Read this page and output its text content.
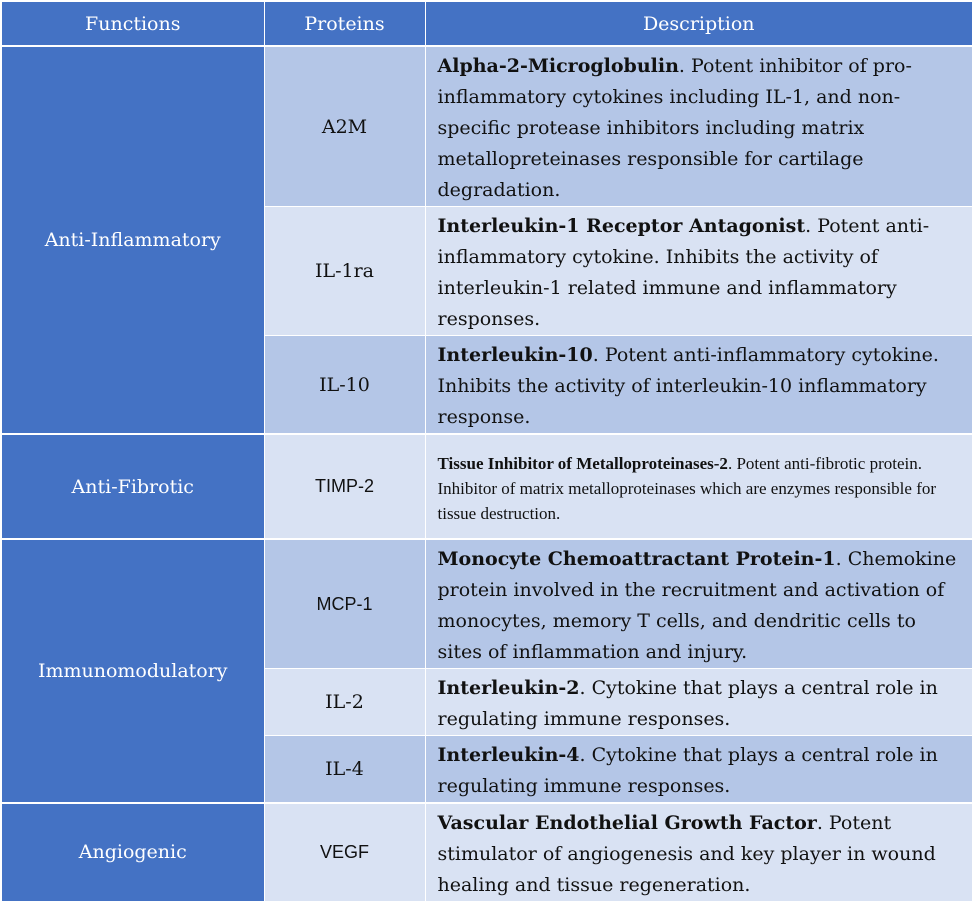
Functions	Proteins	Description
Anti-Inflammatory	A2M	Alpha-2-Microglobulin. Potent inhibitor of pro-inflammatory cytokines including IL-1, and non-specific protease inhibitors including matrix metallopreteinases responsible for cartilage degradation.
	IL-1ra	Interleukin-1 Receptor Antagonist. Potent anti-inflammatory cytokine. Inhibits the activity of interleukin-1 related immune and inflammatory responses.
	IL-10	Interleukin-10. Potent anti-inflammatory cytokine. Inhibits the activity of interleukin-10 inflammatory response.
Anti-Fibrotic	TIMP-2	Tissue Inhibitor of Metalloproteinases-2. Potent anti-fibrotic protein. Inhibitor of matrix metalloproteinases which are enzymes responsible for tissue destruction.
Immunomodulatory	MCP-1	Monocyte Chemoattractant Protein-1. Chemokine protein involved in the recruitment and activation of monocytes, memory T cells, and dendritic cells to sites of inflammation and injury.
	IL-2	Interleukin-2. Cytokine that plays a central role in regulating immune responses.
	IL-4	Interleukin-4. Cytokine that plays a central role in regulating immune responses.
Angiogenic	VEGF	Vascular Endothelial Growth Factor. Potent stimulator of angiogenesis and key player in wound healing and tissue regeneration.
